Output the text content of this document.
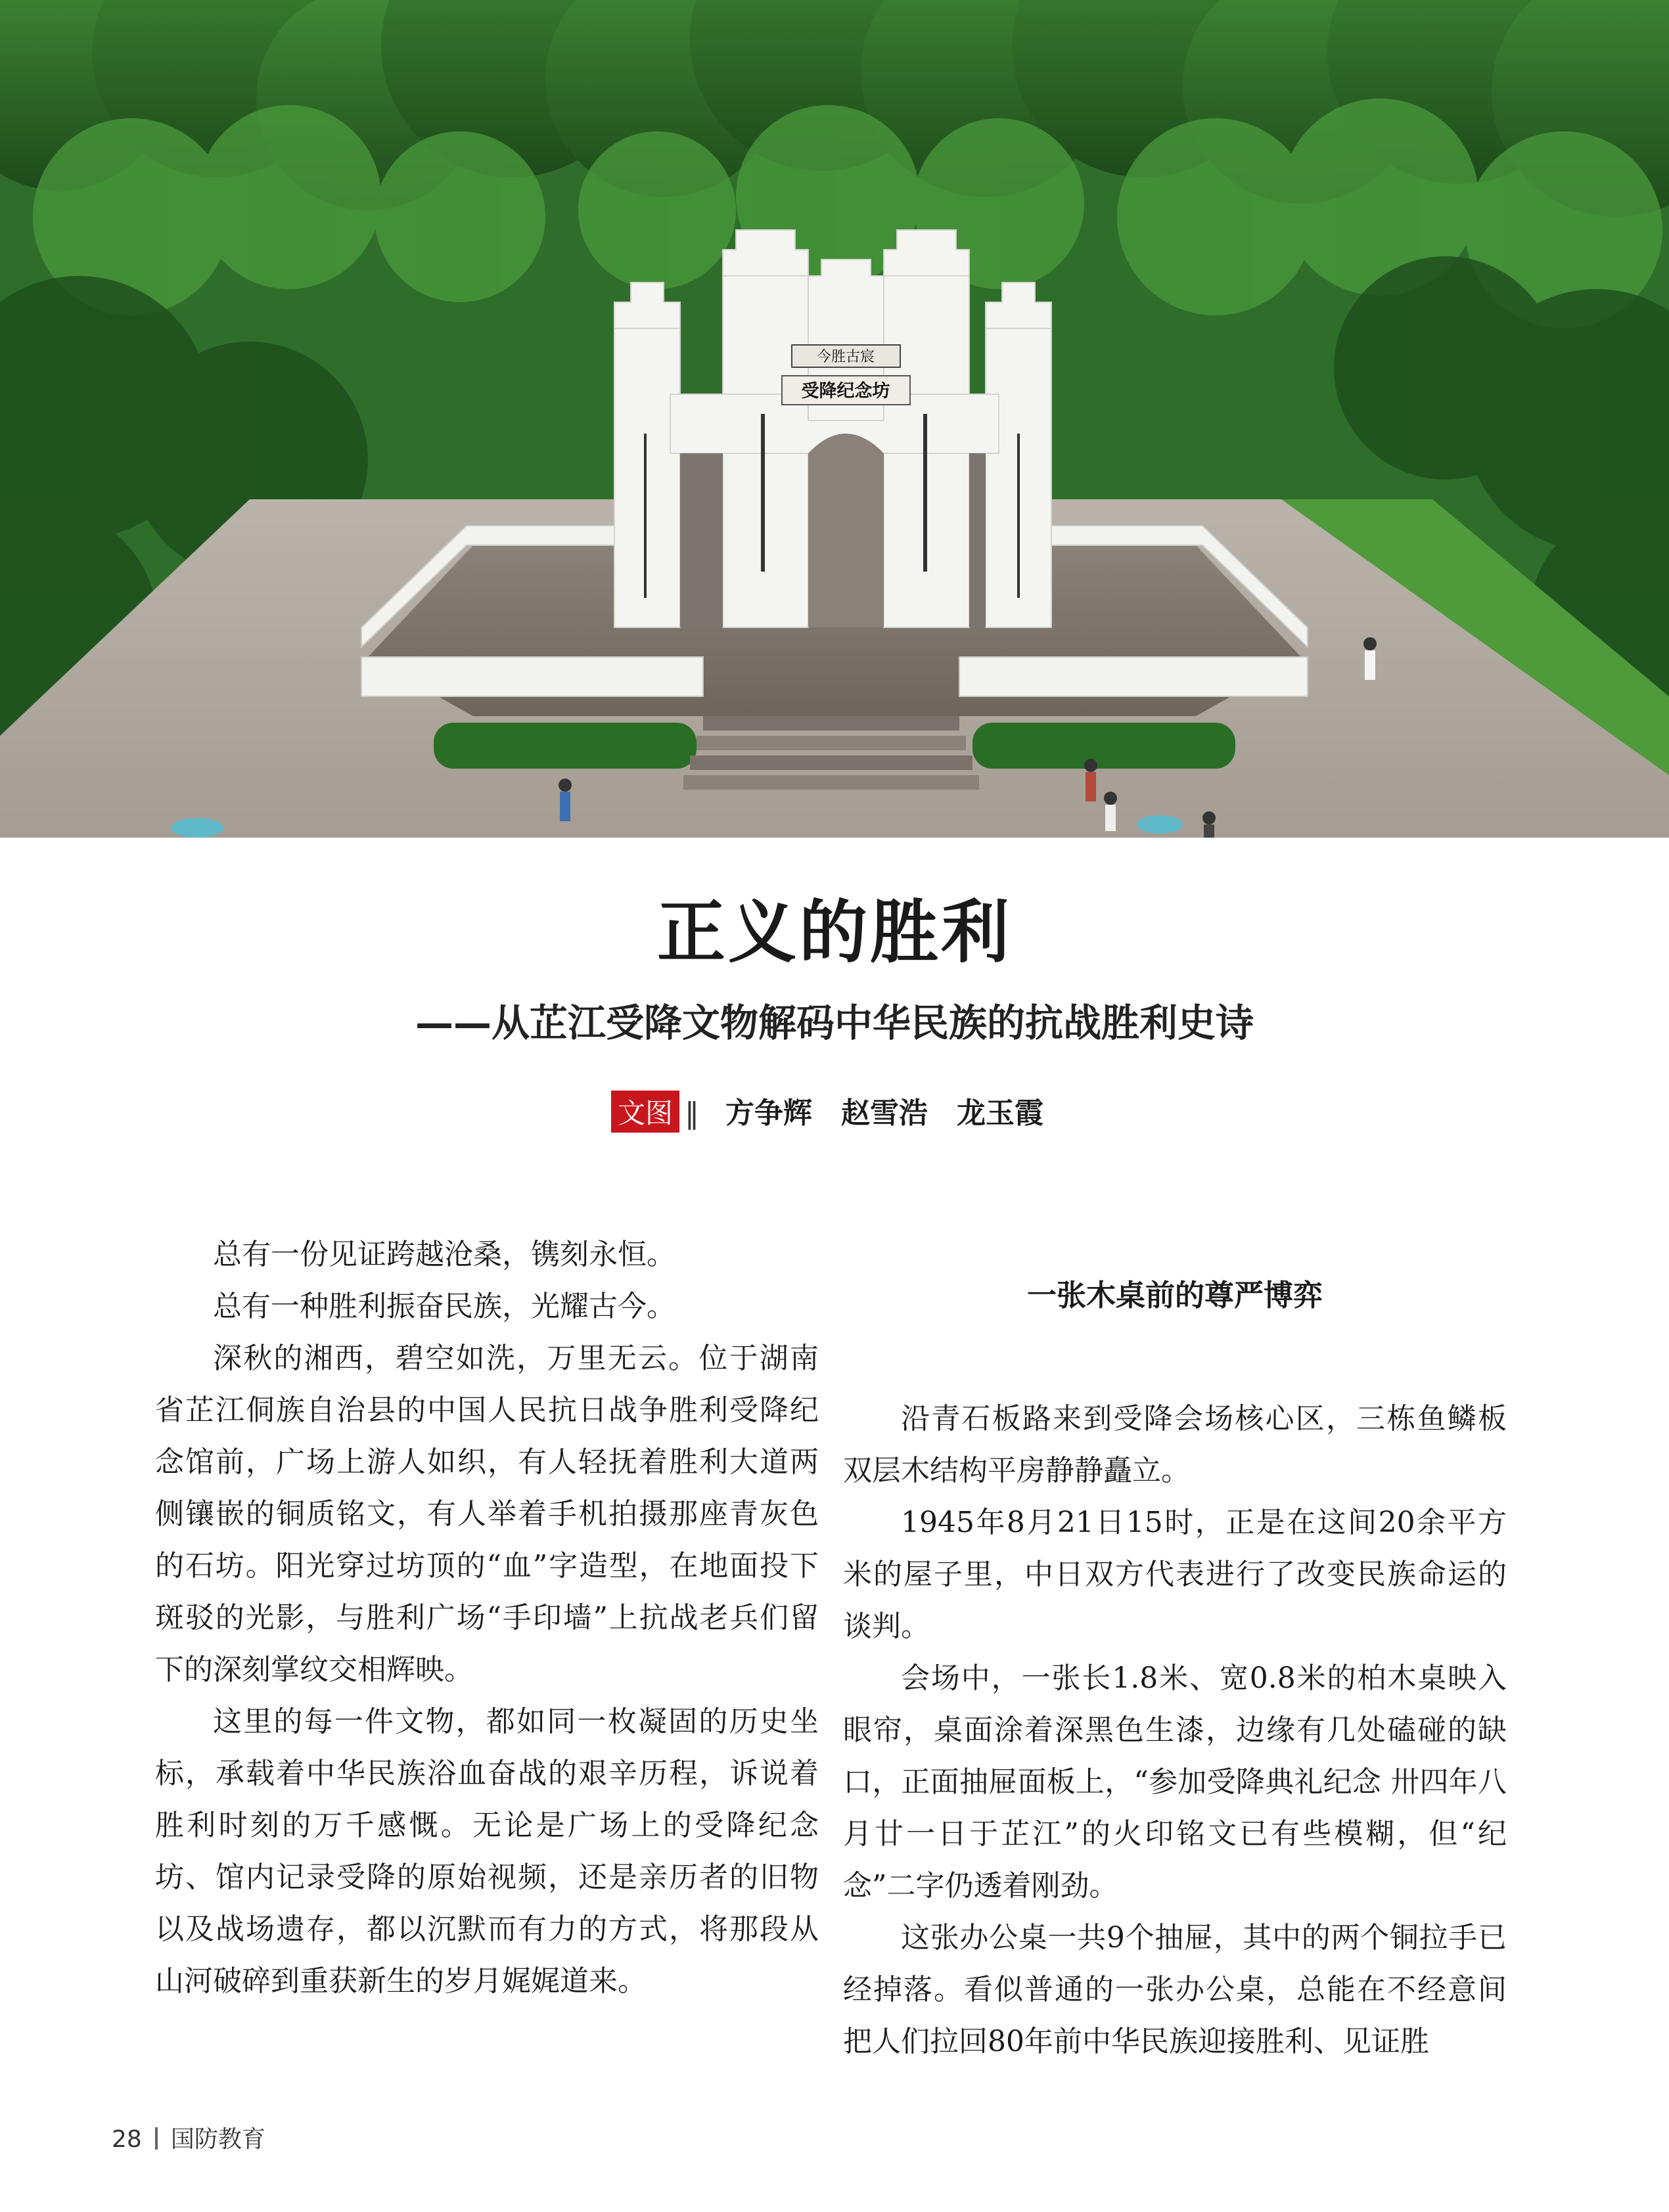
今胜古宸
受降纪念坊
正义的胜利
——从芷江受降文物解码中华民族的抗战胜利史诗
文图 ‖ 方争辉 赵雪浩 龙玉霞

总有一份见证跨越沧桑，镌刻永恒。

总有一种胜利振奋民族，光耀古今。

深秋的湘西，碧空如洗，万里无云。位于湖南省芷江侗族自治县的中国人民抗日战争胜利受降纪念馆前，广场上游人如织，有人轻抚着胜利大道两侧镶嵌的铜质铭文，有人举着手机拍摄那座青灰色的石坊。阳光穿过坊顶的“血”字造型，在地面投下斑驳的光影，与胜利广场“手印墙”上抗战老兵们留下的深刻掌纹交相辉映。

这里的每一件文物，都如同一枚凝固的历史坐标，承载着中华民族浴血奋战的艰辛历程，诉说着胜利时刻的万千感慨。无论是广场上的受降纪念坊、馆内记录受降的原始视频，还是亲历者的旧物以及战场遗存，都以沉默而有力的方式，将那段从山河破碎到重获新生的岁月娓娓道来。

一张木桌前的尊严博弈

沿青石板路来到受降会场核心区，三栋鱼鳞板双层木结构平房静静矗立。

1945年8月21日15时，正是在这间20余平方米的屋子里，中日双方代表进行了改变民族命运的谈判。

会场中，一张长1.8米、宽0.8米的柏木桌映入眼帘，桌面涂着深黑色生漆，边缘有几处磕碰的缺口，正面抽屉面板上，“参加受降典礼纪念 卅四年八月廿一日于芷江”的火印铭文已有些模糊，但“纪念”二字仍透着刚劲。

这张办公桌一共9个抽屉，其中的两个铜拉手已经掉落。看似普通的一张办公桌，总能在不经意间把人们拉回80年前中华民族迎接胜利、见证胜

28 国防教育
